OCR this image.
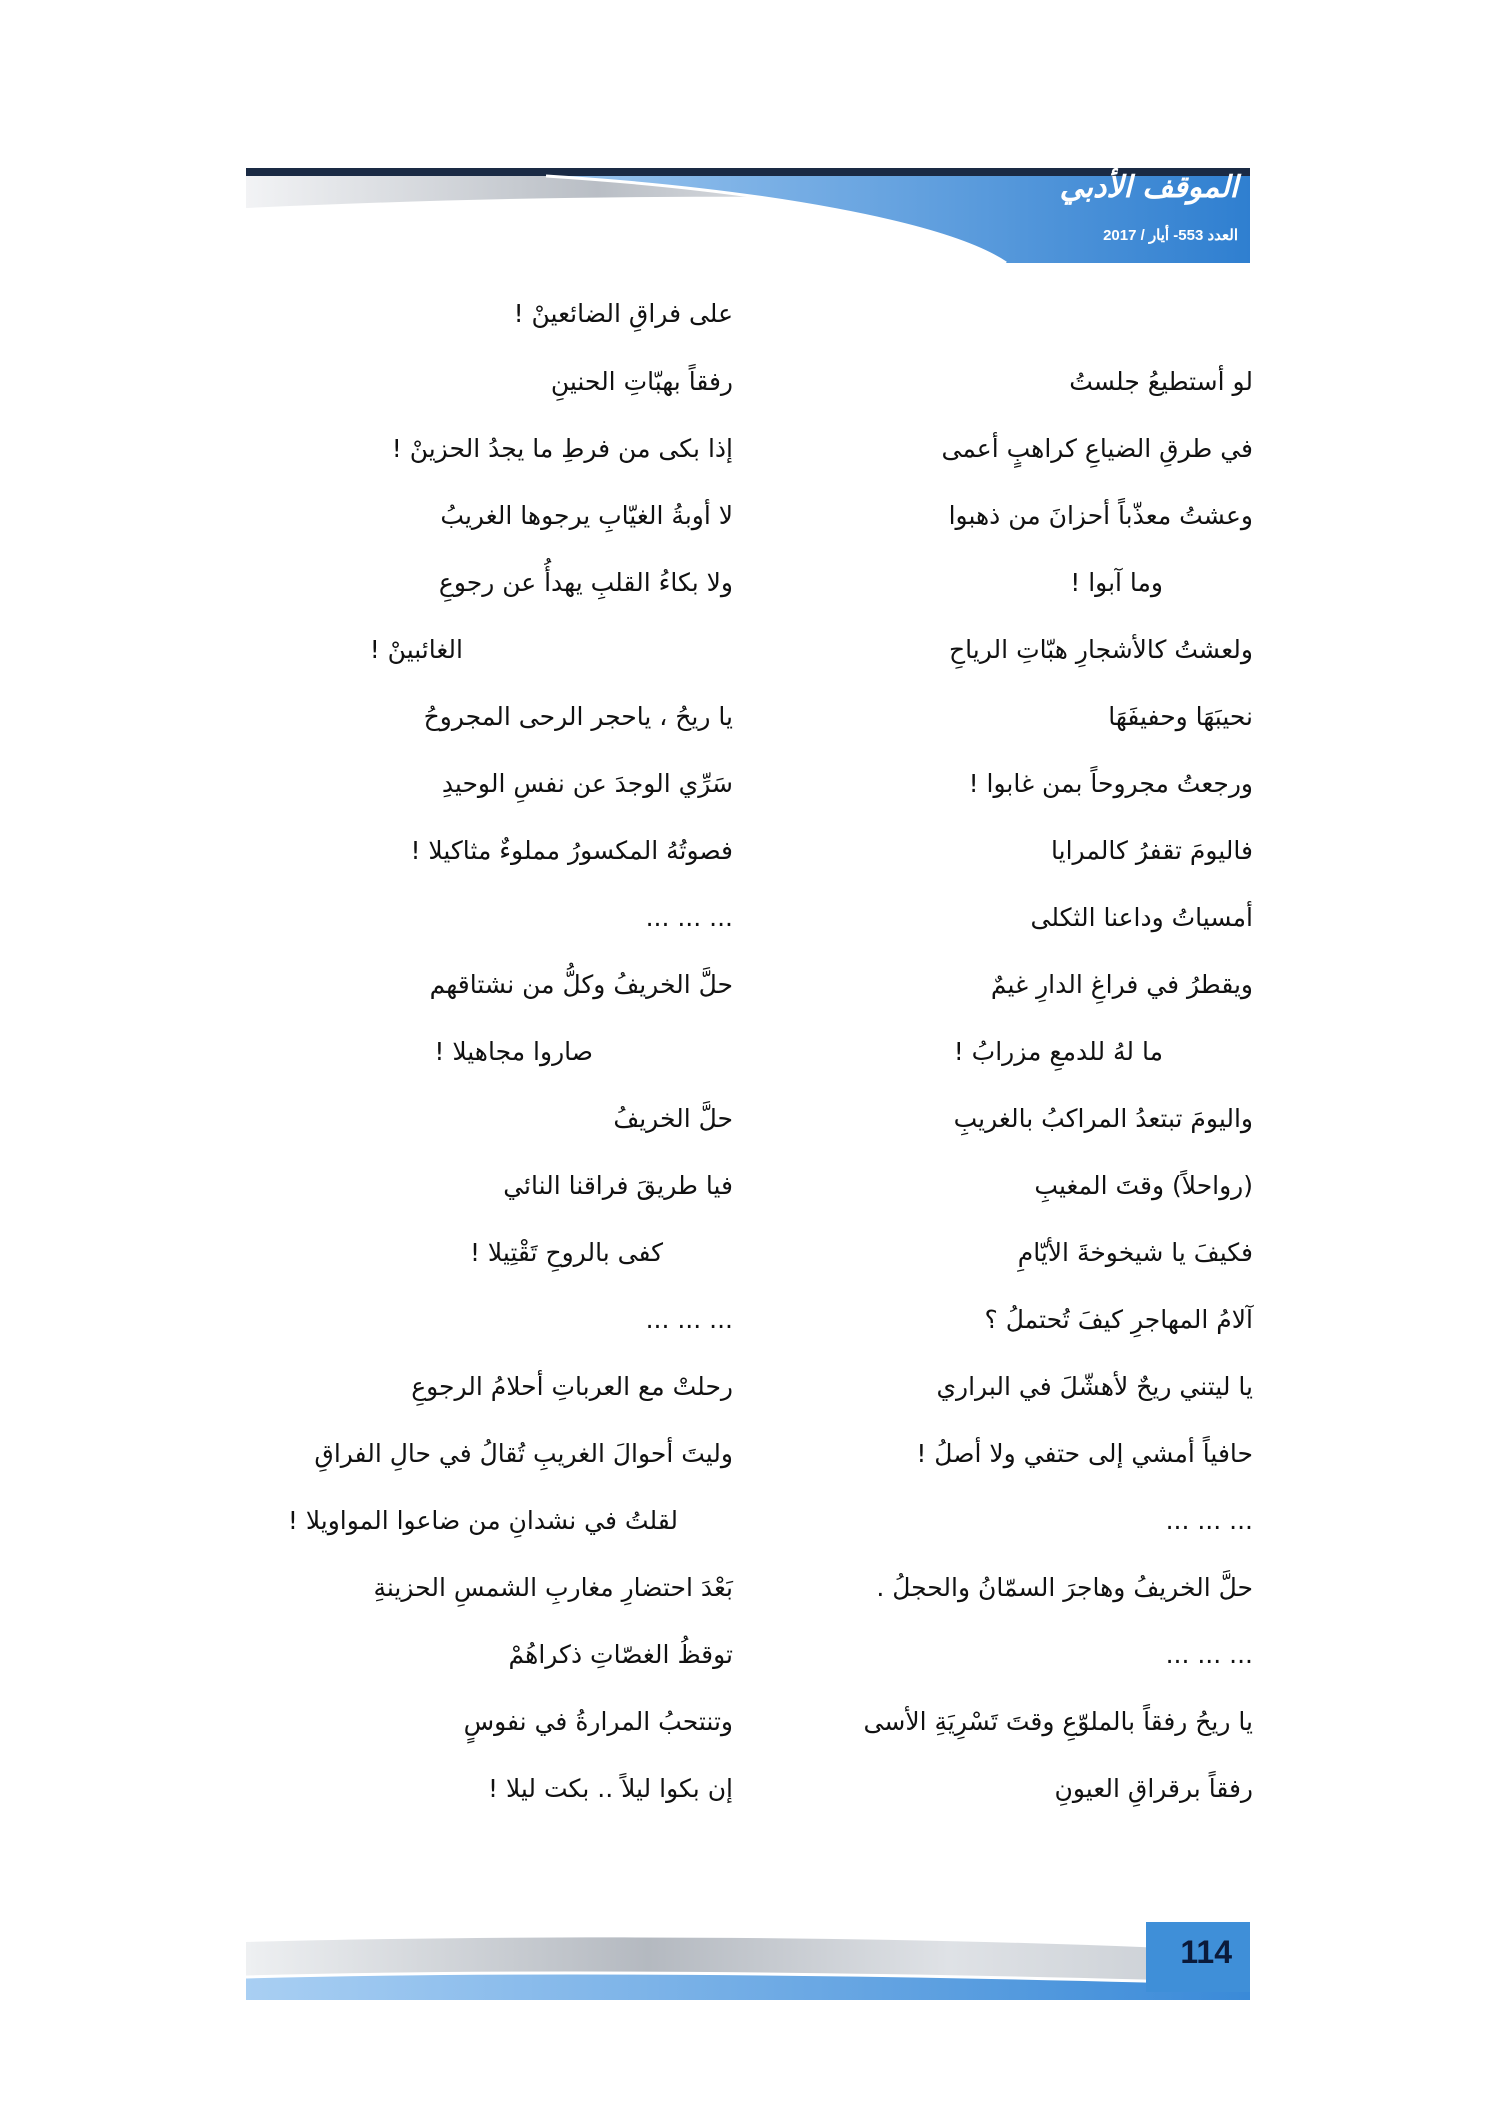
الموقف الأدبي
العدد 553- أيار / 2017
لو أستطيعُ جلستُ
في طرقِ الضياعِ كراهبٍ أعمى
وعشتُ معذّباً أحزانَ من ذهبوا
وما آبوا !
ولعشتُ كالأشجارِ هبّاتِ الرياحِ
نحيبَهَا وحفيفَهَا
ورجعتُ مجروحاً بمن غابوا !
فاليومَ تقفرُ كالمرايا
أمسياتُ وداعنا الثكلى
ويقطرُ في فراغِ الدارِ غيمٌ
ما لهُ للدمعِ مزرابُ !
واليومَ تبتعدُ المراكبُ بالغريبِ
(رواحلاً) وقتَ المغيبِ
فكيفَ يا شيخوخةَ الأيّامِ
آلامُ المهاجرِ كيفَ تُحتملُ ؟
يا ليتني ريحٌ لأهشّلَ في البراري
حافياً أمشي إلى حتفي ولا أصلُ !
... ... ...
حلَّ الخريفُ وهاجرَ السمّانُ والحجلُ .
... ... ...
يا ريحُ رفقاً بالملوّعِ وقتَ تَسْرِيَةِ الأسى
رفقاً برقراقِ العيونِ
على فراقِ الضائعينْ !
رفقاً بهبّاتِ الحنينِ
إذا بكى من فرطِ ما يجدُ الحزينْ !
لا أوبةُ الغيّابِ يرجوها الغريبُ
ولا بكاءُ القلبِ يهدأُ عن رجوعِ
الغائبينْ !
يا ريحُ ، ياحجر الرحى المجروحُ
سَرِّي الوجدَ عن نفسِ الوحيدِ
فصوتُهُ المكسورُ مملوءٌ مثاكيلا !
... ... ...
حلَّ الخريفُ وكلُّ من نشتاقهم
صاروا مجاهيلا !
حلَّ الخريفُ
فيا طريقَ فراقنا النائي
كفى بالروحِ تَقْتِيلا !
... ... ...
رحلتْ مع العرباتِ أحلامُ الرجوعِ
وليتَ أحوالَ الغريبِ تُقالُ في حالِ الفراقِ
لقلتُ في نشدانِ من ضاعوا المواويلا !
بَعْدَ احتضارِ مغاربِ الشمسِ الحزينةِ
توقظُ الغصّاتِ ذكراهُمْ
وتنتحبُ المرارةُ في نفوسٍ
إن بكوا ليلاً .. بكت ليلا !
114
